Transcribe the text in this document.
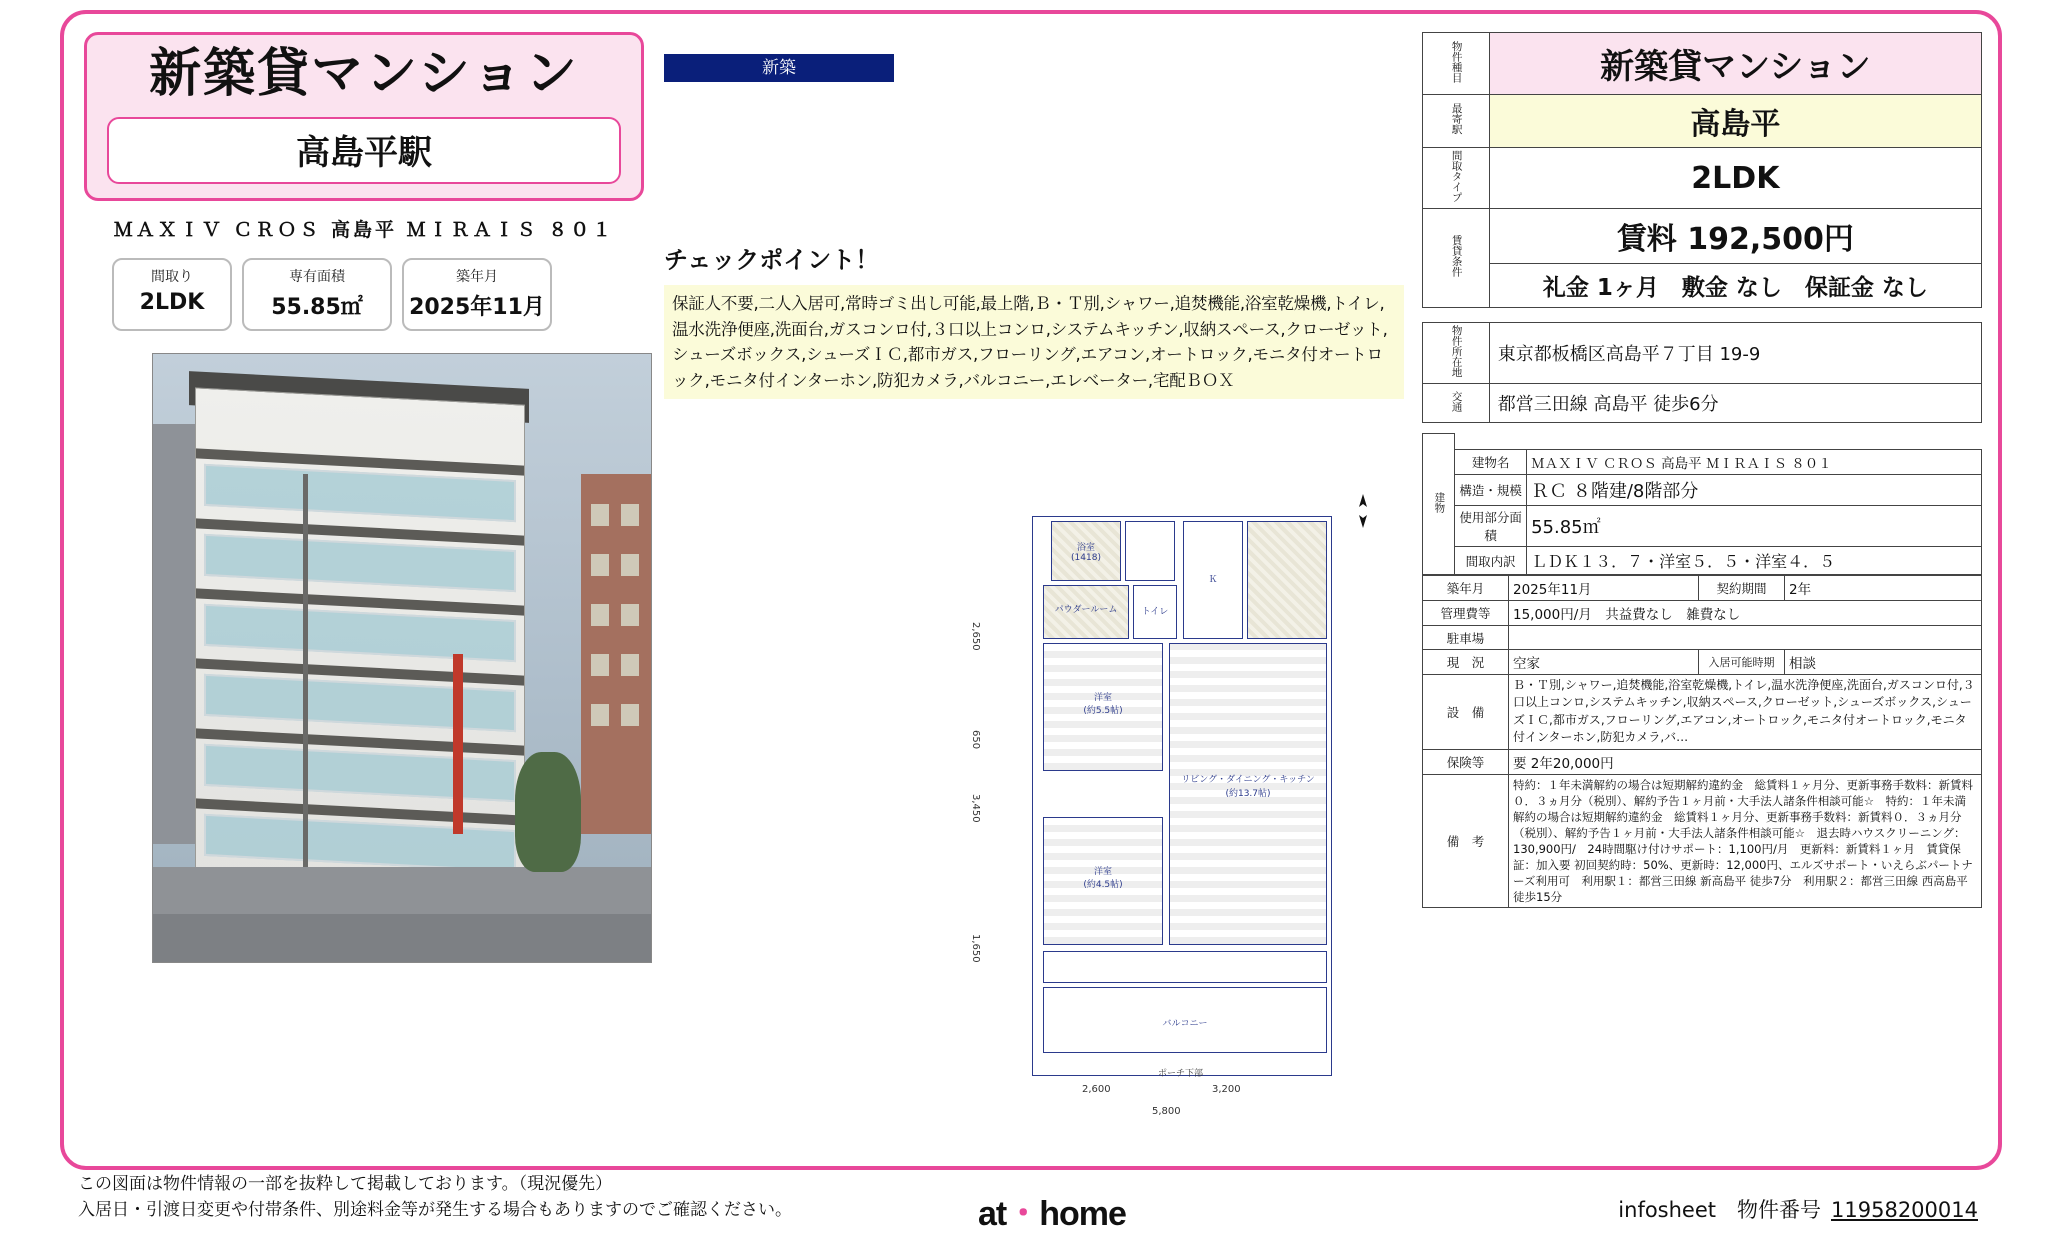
新築貸マンション
高島平駅
ＭＡＸＩＶ ＣＲＯＳ 高島平 ＭＩＲＡＩＳ ８０１
間取り
2LDK
専有面積
55.85㎡
築年月
2025年11月
新築
チェックポイント！
保証人不要,二人入居可,常時ゴミ出し可能,最上階,Ｂ・Ｔ別,シャワー,追焚機能,浴室乾燥機,トイレ,温水洗浄便座,洗面台,ガスコンロ付,３口以上コンロ,システムキッチン,収納スペース,クローゼット,シューズボックス,シューズＩＣ,都市ガス,フローリング,エアコン,オートロック,モニタ付オートロック,モニタ付インターホン,防犯カメラ,バルコニー,エレベーター,宅配ＢＯＸ
浴室
(1418)
パウダールーム	トイレ
Ｋ
洋室
(約5.5帖)
洋室
(約4.5帖)
リビング・ダイニング・キッチン
(約13.7帖)
バルコニー
2,600	3,200
5,800
2,650
650
3,450
1,650
ポーチ下部
物件種目	新築貸マンション
最寄駅	高島平
間取タイプ	2LDK
賃貸条件	賃料 192,500円
	礼金 1ヶ月　敷金 なし　保証金 なし
物件所在地	東京都板橋区高島平７丁目 19-9
交通	都営三田線 高島平 徒歩6分
建物		
	建物名	ＭＡＸＩＶ ＣＲＯＳ 高島平 ＭＩＲＡＩＳ ８０１
	構造・規模	ＲＣ ８階建/8階部分
	使用部分面積	55.85㎡
	間取内訳	ＬＤＫ１３．７・洋室５．５・洋室４．５
築年月	2025年11月	契約期間	2年
管理費等	15,000円/月　共益費なし　雑費なし		
駐車場			
現　況	空家	入居可能時期	相談
設　備	Ｂ・Ｔ別,シャワー,追焚機能,浴室乾燥機,トイレ,温水洗浄便座,洗面台,ガスコンロ付,３口以上コンロ,システムキッチン,収納スペース,クローゼット,シューズボックス,シューズＩＣ,都市ガス,フローリング,エアコン,オートロック,モニタ付オートロック,モニタ付インターホン,防犯カメラ,バ…		
保険等	要 2年20,000円		
備　考	特約：１年未満解約の場合は短期解約違約金　総賃料１ヶ月分、更新事務手数料：新賃料０．３ヵ月分（税別）、解約予告１ヶ月前・大手法人諸条件相談可能☆　特約：１年未満解約の場合は短期解約違約金　総賃料１ヶ月分、更新事務手数料：新賃料０．３ヵ月分（税別）、解約予告１ヶ月前・大手法人諸条件相談可能☆　退去時ハウスクリーニング：130,900円/　24時間駆け付けサポート：1,100円/月　更新料：新賃料１ヶ月　賃貸保証：加入要 初回契約時：50%、更新時：12,000円、エルズサポート・いえらぶパートナーズ利用可　利用駅１：都営三田線 新高島平 徒歩7分　利用駅２：都営三田線 西高島平 徒歩15分		
この図面は物件情報の一部を抜粋して掲載しております。（現況優先）
入居日・引渡日変更や付帯条件、別途料金等が発生する場合もありますのでご確認ください。	at・home	infosheet　物件番号 11958200014
